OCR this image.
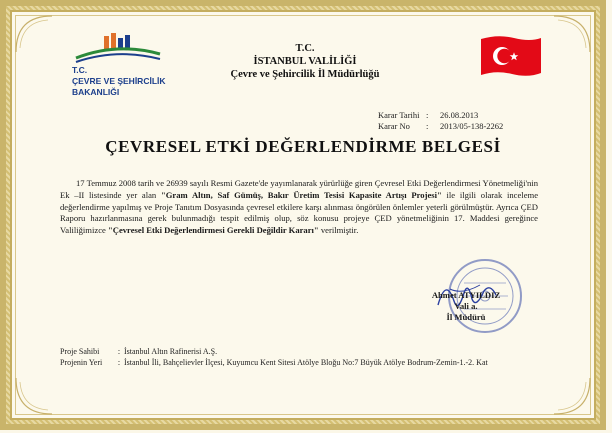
T.C.
ÇEVRE VE ŞEHİRCİLİK
BAKANLIĞI
T.C.
İSTANBUL VALİLİĞİ
Çevre ve Şehircilik İl Müdürlüğü
Karar Tarihi :	26.08.2013
Karar No	:	2013/05-138-2262
ÇEVRESEL ETKİ DEĞERLENDİRME BELGESİ
17 Temmuz 2008 tarih ve 26939 sayılı Resmi Gazete'de yayımlanarak yürürlüğe giren Çevresel Etki Değerlendirmesi Yönetmeliği'nin Ek –II listesinde yer alan "Gram Altın, Saf Gümüş, Bakır Üretim Tesisi Kapasite Artışı Projesi" ile ilgili olarak inceleme değerlendirme yapılmış ve Proje Tanıtım Dosyasında çevresel etkilere karşı alınması öngörülen önlemler yeterli görülmüştür. Ayrıca ÇED Raporu hazırlanmasına gerek bulunmadığı tespit edilmiş olup, söz konusu projeye ÇED yönetmeliğinin 17. Maddesi gereğince Valiliğimizce "Çevresel Etki Değerlendirmesi Gerekli Değildir Kararı" verilmiştir.
Ahmet ATYILDIZ
Vali a.
İl Müdürü
Proje Sahibi	: İstanbul Altın Rafinerisi A.Ş.
Projenin Yeri	: İstanbul İli, Bahçelievler İlçesi, Kuyumcu Kent Sitesi Atölye Bloğu No:7 Büyük Atölye Bodrum-Zemin-1.-2. Kat
